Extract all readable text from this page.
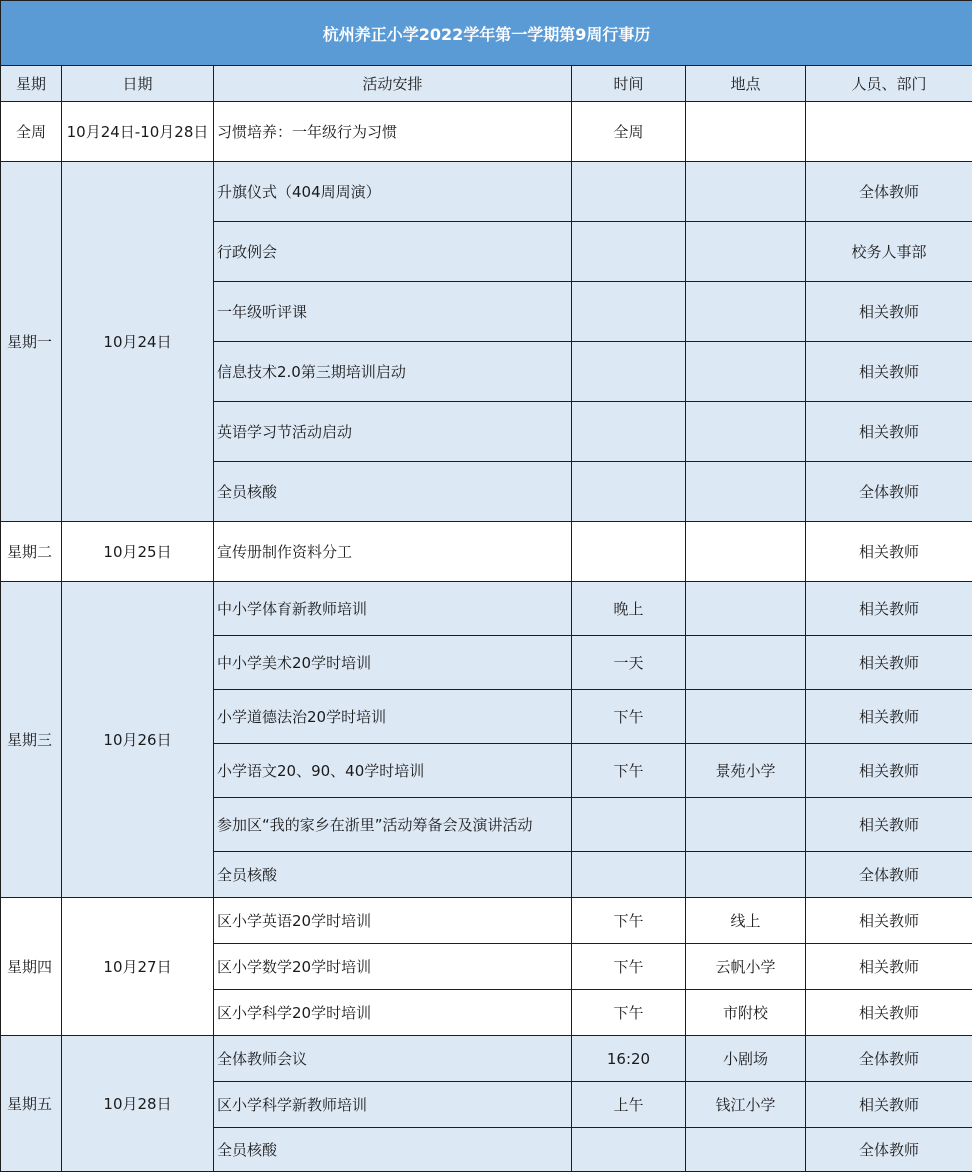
杭州养正小学2022学年第一学期第9周行事历					
星期	日期	活动安排	时间	地点	人员、部门
全周	10月24日-10月28日	习惯培养：一年级行为习惯	全周		
星期一	10月24日	升旗仪式（404周周演）			全体教师
		行政例会			校务人事部
		一年级听评课			相关教师
		信息技术2.0第三期培训启动			相关教师
		英语学习节活动启动			相关教师
		全员核酸			全体教师
星期二	10月25日	宣传册制作资料分工			相关教师
星期三	10月26日	中小学体育新教师培训	晚上		相关教师
		中小学美术20学时培训	一天		相关教师
		小学道德法治20学时培训	下午		相关教师
		小学语文20、90、40学时培训	下午	景苑小学	相关教师
		参加区“我的家乡在浙里”活动筹备会及演讲活动			相关教师
		全员核酸			全体教师
星期四	10月27日	区小学英语20学时培训	下午	线上	相关教师
		区小学数学20学时培训	下午	云帆小学	相关教师
		区小学科学20学时培训	下午	市附校	相关教师
星期五	10月28日	全体教师会议	16:20	小剧场	全体教师
		区小学科学新教师培训	上午	钱江小学	相关教师
		全员核酸			全体教师
